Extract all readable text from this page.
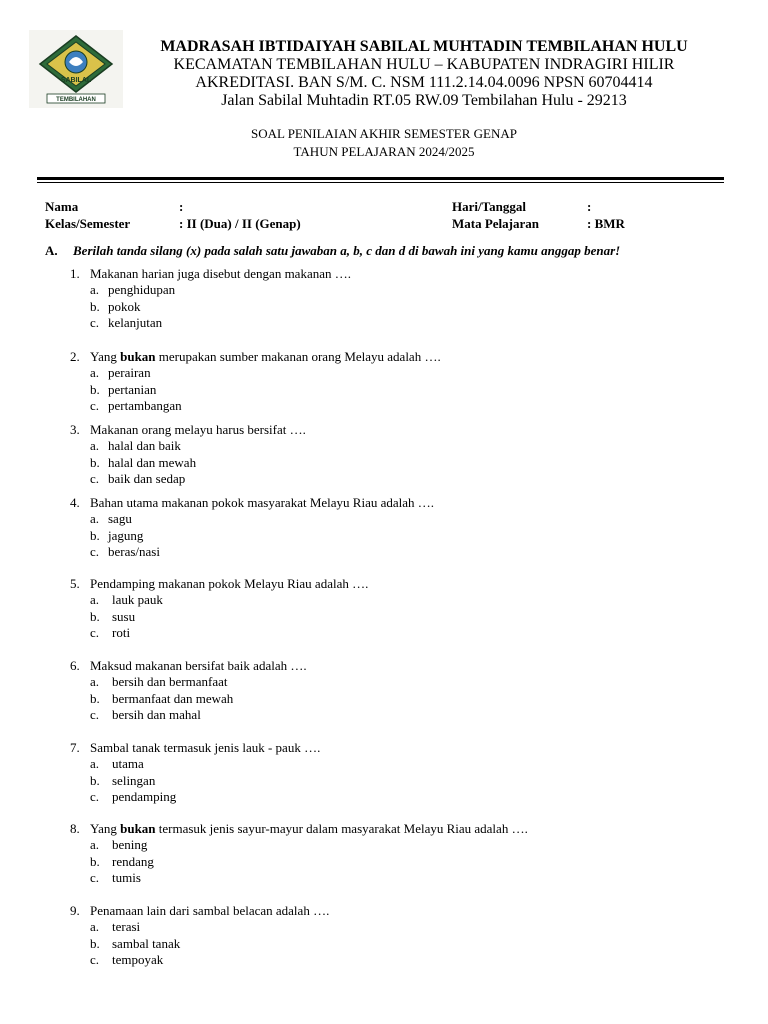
SABILAL
TEMBILAHAN
MADRASAH IBTIDAIYAH SABILAL MUHTADIN TEMBILAHAN HULU
KECAMATAN TEMBILAHAN HULU – KABUPATEN INDRAGIRI HILIR
AKREDITASI. BAN S/M. C. NSM 111.2.14.04.0096 NPSN 60704414
Jalan Sabilal Muhtadin RT.05 RW.09 Tembilahan Hulu - 29213
SOAL PENILAIAN AKHIR SEMESTER GENAP
TAHUN PELAJARAN 2024/2025
Nama	:
Kelas/Semester	: II (Dua) / II (Genap)
Hari/Tanggal	:
Mata Pelajaran	: BMR
A. Berilah tanda silang (x) pada salah satu jawaban a, b, c dan d di bawah ini yang kamu anggap benar!
1. Makanan harian juga disebut dengan makanan ….
a. penghidupan
b. pokok
c. kelanjutan
2. Yang bukan merupakan sumber makanan orang Melayu adalah ….
a. perairan
b. pertanian
c. pertambangan
3. Makanan orang melayu harus bersifat ….
a. halal dan baik
b. halal dan mewah
c. baik dan sedap
4. Bahan utama makanan pokok masyarakat Melayu Riau adalah ….
a. sagu
b. jagung
c. beras/nasi
5. Pendamping makanan pokok Melayu Riau adalah ….
a. lauk pauk
b. susu
c. roti
6. Maksud makanan bersifat baik adalah ….
a. bersih dan bermanfaat
b. bermanfaat dan mewah
c. bersih dan mahal
7. Sambal tanak termasuk jenis lauk - pauk ….
a. utama
b. selingan
c. pendamping
8. Yang bukan termasuk jenis sayur-mayur dalam masyarakat Melayu Riau adalah ….
a. bening
b. rendang
c. tumis
9. Penamaan lain dari sambal belacan adalah ….
a. terasi
b. sambal tanak
c. tempoyak
